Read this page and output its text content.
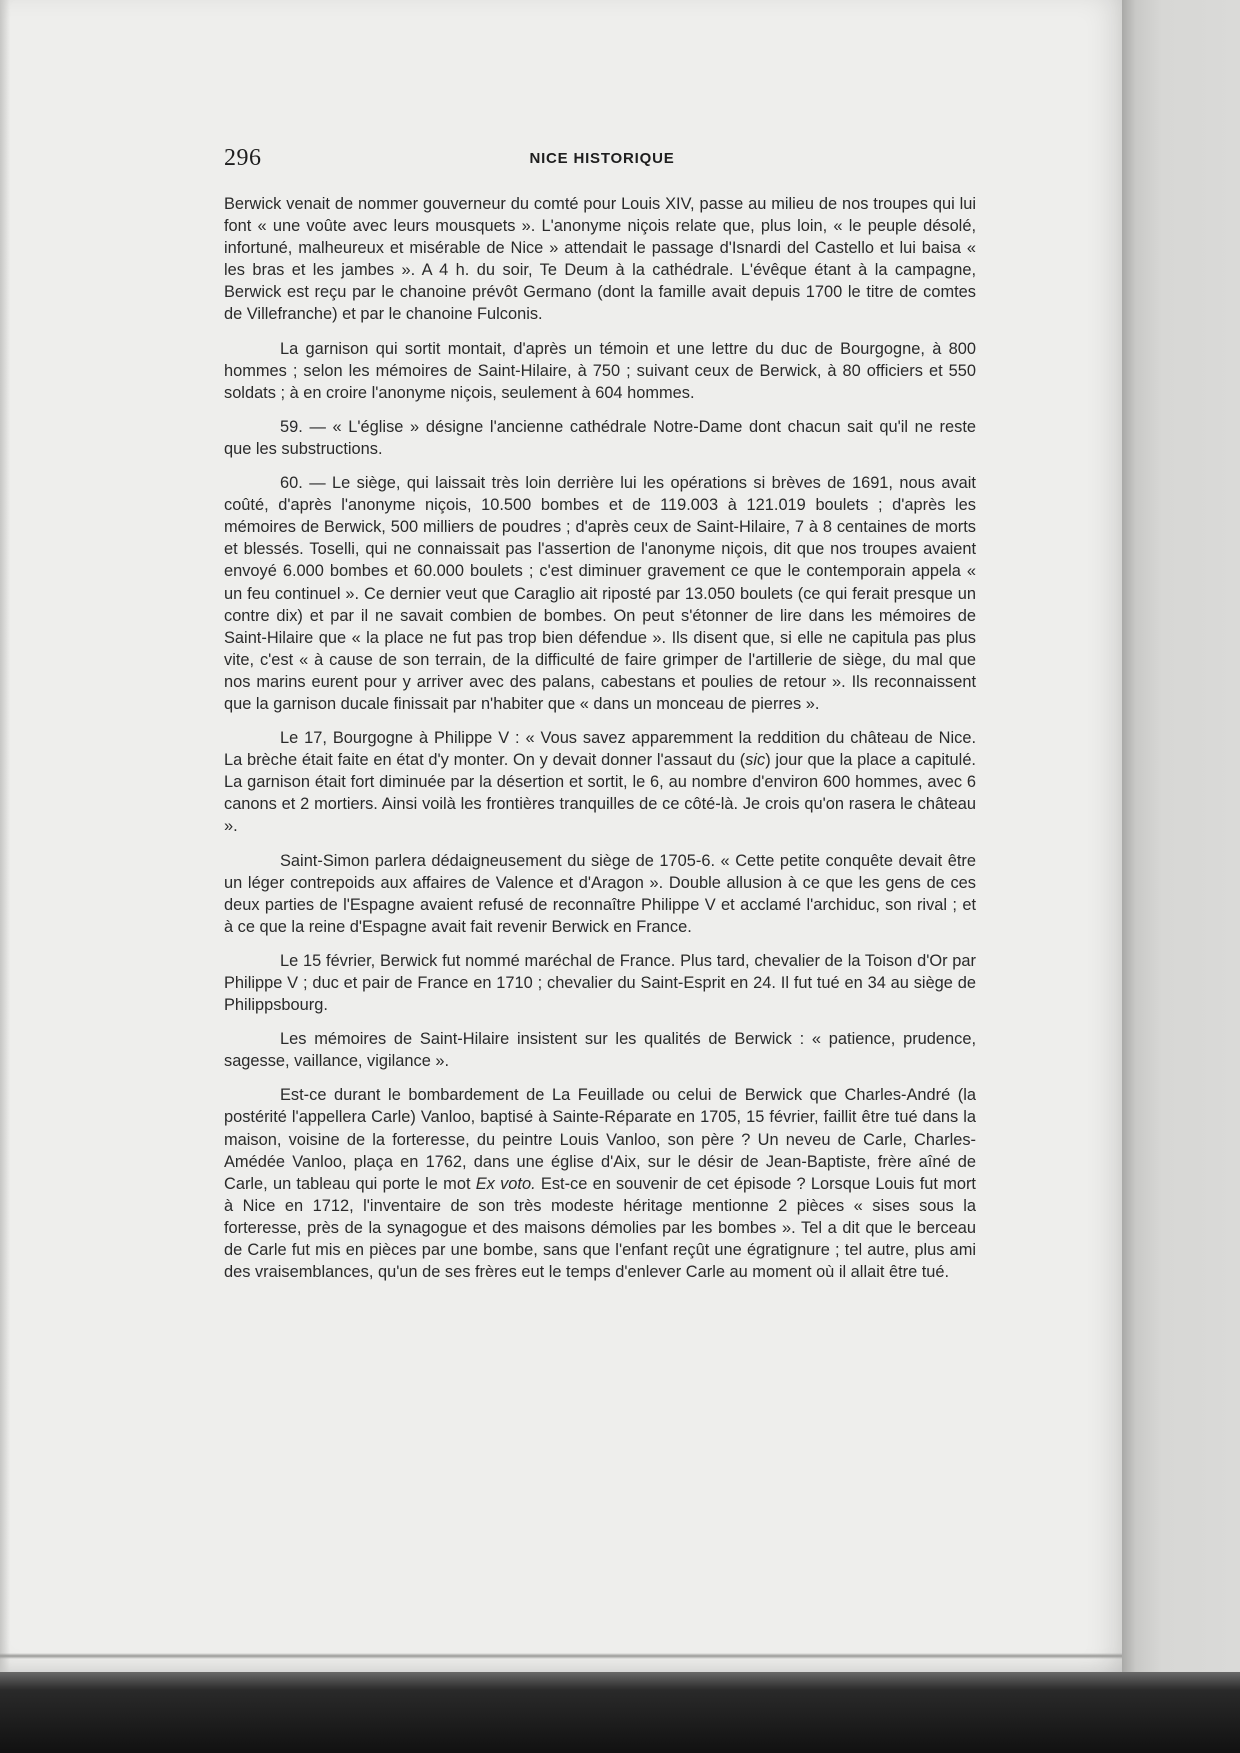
296	NICE HISTORIQUE

Berwick venait de nommer gouverneur du comté pour Louis XIV, passe au milieu de nos troupes qui lui font « une voûte avec leurs mousquets ». L'anonyme niçois relate que, plus loin, « le peuple désolé, infortuné, malheureux et misérable de Nice » attendait le passage d'Isnardi del Castello et lui baisa « les bras et les jambes ». A 4 h. du soir, Te Deum à la cathédrale. L'évêque étant à la campagne, Berwick est reçu par le chanoine prévôt Germano (dont la famille avait depuis 1700 le titre de comtes de Villefranche) et par le chanoine Fulconis.

La garnison qui sortit montait, d'après un témoin et une lettre du duc de Bourgogne, à 800 hommes ; selon les mémoires de Saint-Hilaire, à 750 ; suivant ceux de Berwick, à 80 officiers et 550 soldats ; à en croire l'anonyme niçois, seulement à 604 hommes.

59. — « L'église » désigne l'ancienne cathédrale Notre-Dame dont chacun sait qu'il ne reste que les substructions.

60. — Le siège, qui laissait très loin derrière lui les opérations si brèves de 1691, nous avait coûté, d'après l'anonyme niçois, 10.500 bombes et de 119.003 à 121.019 boulets ; d'après les mémoires de Berwick, 500 milliers de poudres ; d'après ceux de Saint-Hilaire, 7 à 8 centaines de morts et blessés. Toselli, qui ne connaissait pas l'assertion de l'anonyme niçois, dit que nos troupes avaient envoyé 6.000 bombes et 60.000 boulets ; c'est diminuer gravement ce que le contemporain appela « un feu continuel ». Ce dernier veut que Caraglio ait riposté par 13.050 boulets (ce qui ferait presque un contre dix) et par il ne savait combien de bombes. On peut s'étonner de lire dans les mémoires de Saint-Hilaire que « la place ne fut pas trop bien défendue ». Ils disent que, si elle ne capitula pas plus vite, c'est « à cause de son terrain, de la difficulté de faire grimper de l'artillerie de siège, du mal que nos marins eurent pour y arriver avec des palans, cabestans et poulies de retour ». Ils reconnaissent que la garnison ducale finissait par n'habiter que « dans un monceau de pierres ».

Le 17, Bourgogne à Philippe V : « Vous savez apparemment la reddition du château de Nice. La brèche était faite en état d'y monter. On y devait donner l'assaut du (sic) jour que la place a capitulé. La garnison était fort diminuée par la désertion et sortit, le 6, au nombre d'environ 600 hommes, avec 6 canons et 2 mortiers. Ainsi voilà les frontières tranquilles de ce côté-là. Je crois qu'on rasera le château ».

Saint-Simon parlera dédaigneusement du siège de 1705-6. « Cette petite conquête devait être un léger contrepoids aux affaires de Valence et d'Aragon ». Double allusion à ce que les gens de ces deux parties de l'Espagne avaient refusé de reconnaître Philippe V et acclamé l'archiduc, son rival ; et à ce que la reine d'Espagne avait fait revenir Berwick en France.

Le 15 février, Berwick fut nommé maréchal de France. Plus tard, chevalier de la Toison d'Or par Philippe V ; duc et pair de France en 1710 ; chevalier du Saint-Esprit en 24. Il fut tué en 34 au siège de Philippsbourg.

Les mémoires de Saint-Hilaire insistent sur les qualités de Berwick : « patience, prudence, sagesse, vaillance, vigilance ».

Est-ce durant le bombardement de La Feuillade ou celui de Berwick que Charles-André (la postérité l'appellera Carle) Vanloo, baptisé à Sainte-Réparate en 1705, 15 février, faillit être tué dans la maison, voisine de la forteresse, du peintre Louis Vanloo, son père ? Un neveu de Carle, Charles-Amédée Vanloo, plaça en 1762, dans une église d'Aix, sur le désir de Jean-Baptiste, frère aîné de Carle, un tableau qui porte le mot Ex voto. Est-ce en souvenir de cet épisode ? Lorsque Louis fut mort à Nice en 1712, l'inventaire de son très modeste héritage mentionne 2 pièces « sises sous la forteresse, près de la synagogue et des maisons démolies par les bombes ». Tel a dit que le berceau de Carle fut mis en pièces par une bombe, sans que l'enfant reçût une égratignure ; tel autre, plus ami des vraisemblances, qu'un de ses frères eut le temps d'enlever Carle au moment où il allait être tué.
